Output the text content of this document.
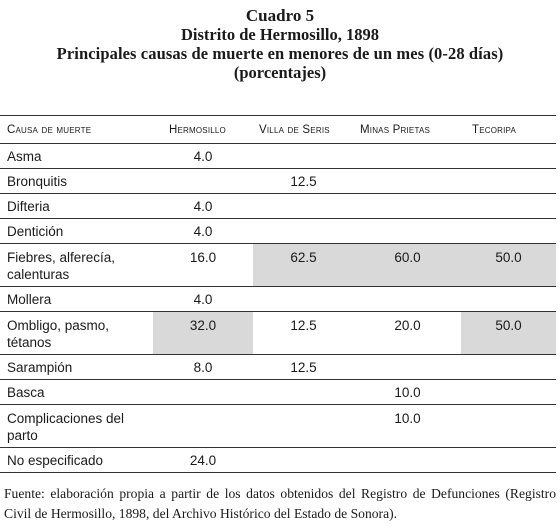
Cuadro 5
Distrito de Hermosillo, 1898
Principales causas de muerte en menores de un mes (0-28 días)
(porcentajes)
Causa de muerte	Hermosillo	Villa de Seris	Minas Prietas	Tecoripa
Asma	4.0			
Bronquitis		12.5		
Difteria	4.0			
Dentición	4.0			
Fiebres, alferecía, calenturas	16.0	62.5	60.0	50.0
Mollera	4.0			
Ombligo, pasmo, tétanos	32.0	12.5	20.0	50.0
Sarampión	8.0	12.5		
Basca			10.0	
Complicaciones del parto			10.0	
No especificado	24.0			
Fuente: elaboración propia a partir de los datos obtenidos del Registro de Defunciones (Registro Civil de Hermosillo, 1898, del Archivo Histórico del Estado de Sonora).
